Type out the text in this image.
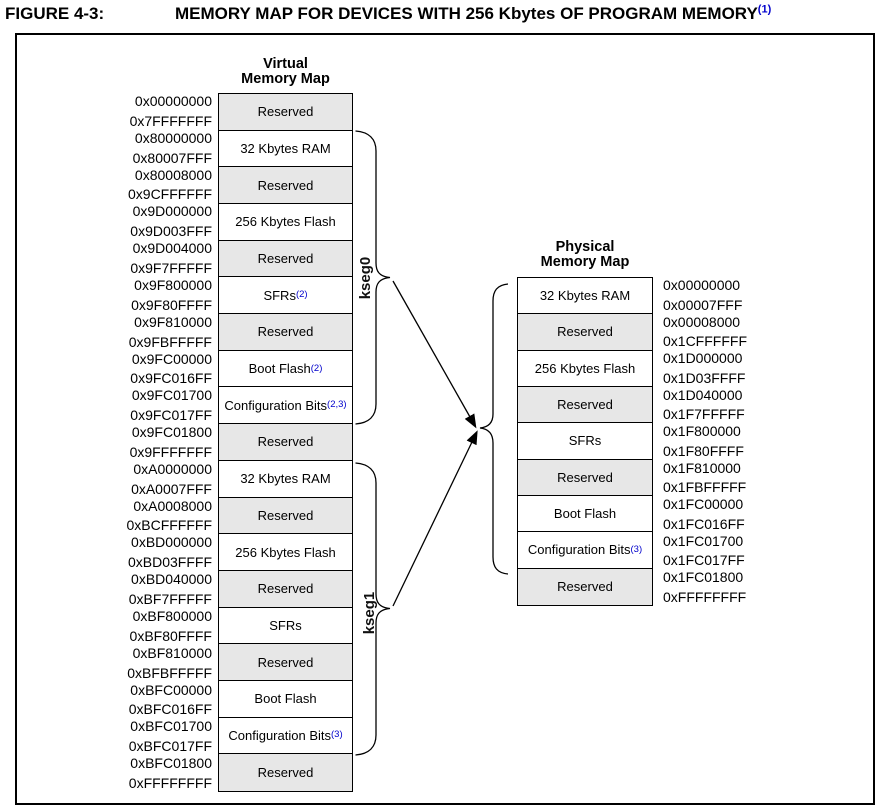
FIGURE 4-3:	MEMORY MAP FOR DEVICES WITH 256 Kbytes OF PROGRAM MEMORY$^{(1)}$
Virtual
Memory Map
Physical
Memory Map
0x00000000
0x7FFFFFFF
0x80000000
0x80007FFF
0x80008000
0x9CFFFFFF
0x9D000000
0x9D003FFF
0x9D004000
0x9F7FFFFF
0x9F800000
0x9F80FFFF
0x9F810000
0x9FBFFFFF
0x9FC00000
0x9FC016FF
0x9FC01700
0x9FC017FF
0x9FC01800
0x9FFFFFFF
0xA0000000
0xA0007FFF
0xA0008000
0xBCFFFFFF
0xBD000000
0xBD03FFFF
0xBD040000
0xBF7FFFFF
0xBF800000
0xBF80FFFF
0xBF810000
0xBFBFFFFF
0xBFC00000
0xBFC016FF
0xBFC01700
0xBFC017FF
0xBFC01800
0xFFFFFFFF
Reserved
32 Kbytes RAM
Reserved
256 Kbytes Flash
Reserved
SFRs (2)
Reserved
Boot Flash (2)
Configuration Bits (2,3)
Reserved
32 Kbytes RAM
Reserved
256 Kbytes Flash
Reserved
SFRs
Reserved
Boot Flash
Configuration Bits (3)
Reserved
32 Kbytes RAM
Reserved
256 Kbytes Flash
Reserved
SFRs
Reserved
Boot Flash
Configuration Bits (3)
Reserved
0x00000000
0x00007FFF
0x00008000
0x1CFFFFFF
0x1D000000
0x1D03FFFF
0x1D040000
0x1F7FFFFF
0x1F800000
0x1F80FFFF
0x1F810000
0x1FBFFFFF
0x1FC00000
0x1FC016FF
0x1FC01700
0x1FC017FF
0x1FC01800
0xFFFFFFFF
kseg0
kseg1
